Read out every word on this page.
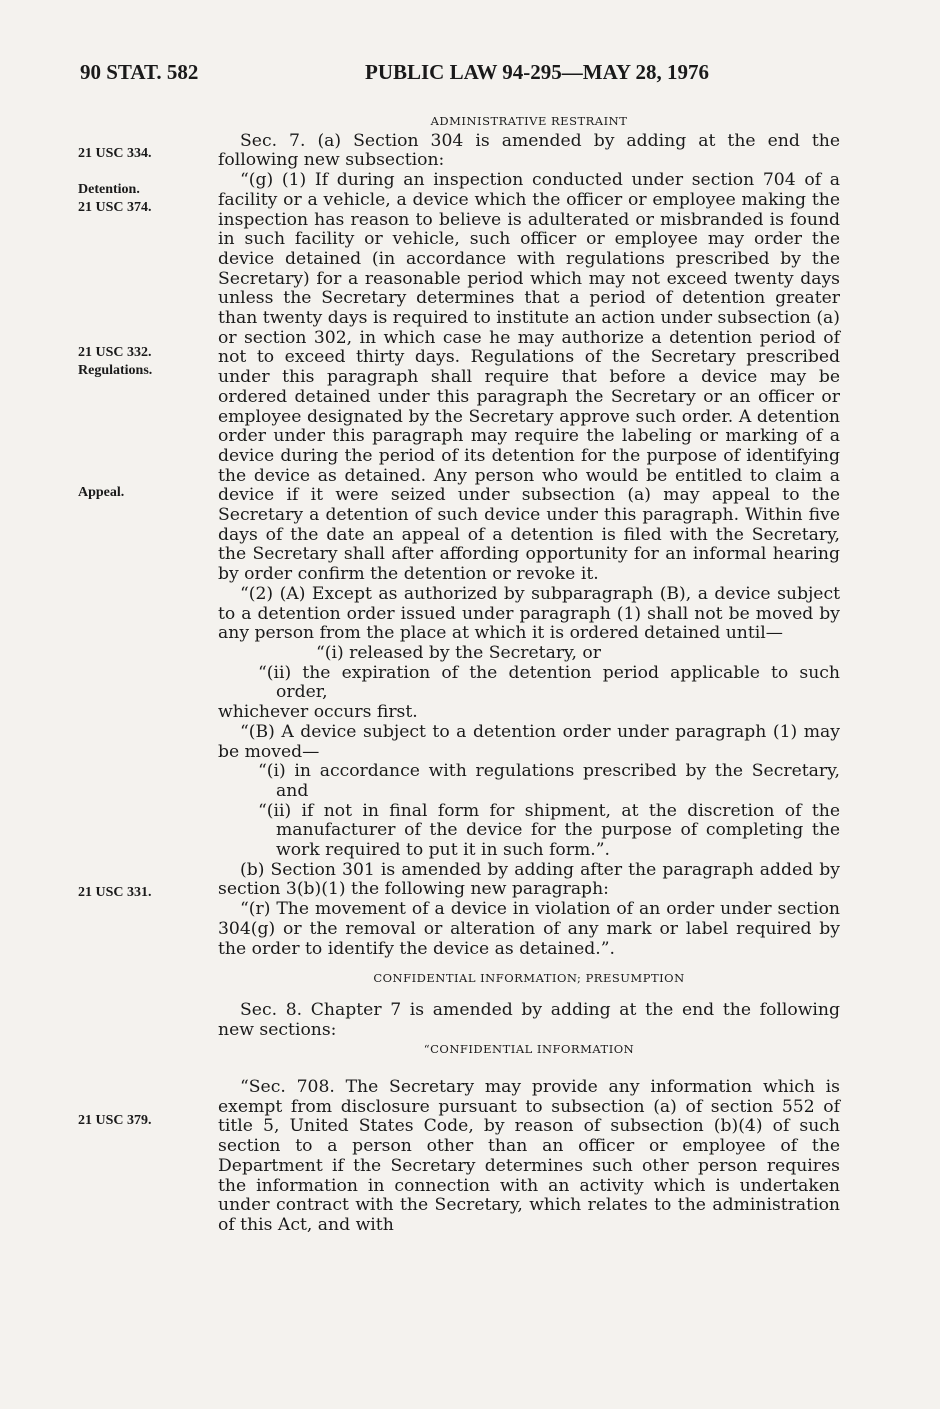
90 STAT. 582	PUBLIC LAW 94-295—MAY 28, 1976
21 USC 334.
Detention.
21 USC 374.
21 USC 332.
Regulations.
Appeal.
21 USC 331.
21 USC 379.

ADMINISTRATIVE RESTRAINT

Sec. 7. (a) Section 304 is amended by adding at the end the following new subsection:

“(g) (1) If during an inspection conducted under section 704 of a facility or a vehicle, a device which the officer or employee making the inspection has reason to believe is adulterated or misbranded is found in such facility or vehicle, such officer or employee may order the device detained (in accordance with regulations prescribed by the Secretary) for a reasonable period which may not exceed twenty days unless the Secretary determines that a period of detention greater than twenty days is required to institute an action under subsection (a) or section 302, in which case he may authorize a detention period of not to exceed thirty days. Regulations of the Secretary prescribed under this paragraph shall require that before a device may be ordered detained under this paragraph the Secretary or an officer or employee designated by the Secretary approve such order. A detention order under this paragraph may require the labeling or marking of a device during the period of its detention for the purpose of identifying the device as detained. Any person who would be entitled to claim a device if it were seized under subsection (a) may appeal to the Secretary a detention of such device under this paragraph. Within five days of the date an appeal of a detention is filed with the Secretary, the Secretary shall after affording opportunity for an informal hearing by order confirm the detention or revoke it.

“(2) (A) Except as authorized by subparagraph (B), a device subject to a detention order issued under paragraph (1) shall not be moved by any person from the place at which it is ordered detained until—

“(i) released by the Secretary, or

“(ii) the expiration of the detention period applicable to such order,

whichever occurs first.

“(B) A device subject to a detention order under paragraph (1) may be moved—

“(i) in accordance with regulations prescribed by the Secretary, and

“(ii) if not in final form for shipment, at the discretion of the manufacturer of the device for the purpose of completing the work required to put it in such form.”.

(b) Section 301 is amended by adding after the paragraph added by section 3(b)(1) the following new paragraph:

“(r) The movement of a device in violation of an order under section 304(g) or the removal or alteration of any mark or label required by the order to identify the device as detained.”.

CONFIDENTIAL INFORMATION; PRESUMPTION

Sec. 8. Chapter 7 is amended by adding at the end the following new sections:

“CONFIDENTIAL INFORMATION

“Sec. 708. The Secretary may provide any information which is exempt from disclosure pursuant to subsection (a) of section 552 of title 5, United States Code, by reason of subsection (b)(4) of such section to a person other than an officer or employee of the Department if the Secretary determines such other person requires the information in connection with an activity which is undertaken under contract with the Secretary, which relates to the administration of this Act, and with
